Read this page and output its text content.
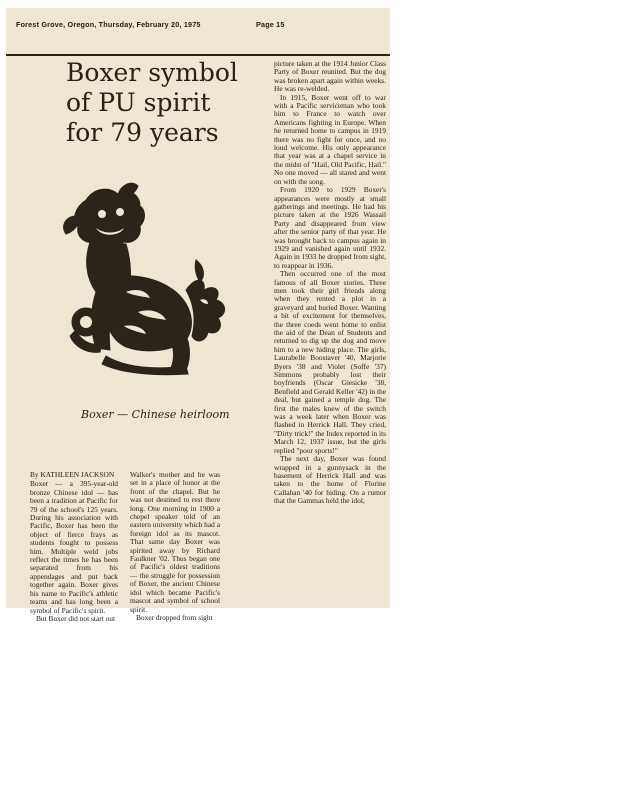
Forest Grove, Oregon, Thursday, February 20, 1975	Page 15
Boxer symbol
of PU spirit
for 79 years
Boxer — Chinese heirloom

By KATHLEEN JACKSON

Boxer — a 395-year-old bronze Chinese idol — has been a tradition at Pacific for 79 of the school's 125 years. During his association with Pacific, Boxer has been the object of fierce frays as students fought to possess him. Multiple weld jobs reflect the times he has been separated from his appendages and put back together again. Boxer gives his name to Pacific's athletic teams and has long been a symbol of Pacific's spirit.

But Boxer did not start out

Walker's mother and he was set in a place of honor at the front of the chapel. But he was not destined to rest there long. One morning in 1900 a chepel speaker told of an eastern university which had a foreign idol as its mascot. That same day Boxer was spirited away by Richard Faulkner '02. Thus began one of Pacific's oldest traditions — the struggle for possession of Boxer, the ancient Chinese idol which became Pacific's mascot and symbol of school spirit.

Boxer dropped from sight

picture taken at the 1914 Junior Class Party of Boxer reunited. But the dog was broken apart again within weeks. He was re-welded.

In 1915, Boxer went off to war with a Pacific serviceman who took him to France to watch over Americans fighting in Europe. When he returned home to campus in 1919 there was no fight for once, and no loud welcome. His only appearance that year was at a chapel service in the midst of "Hail, Old Pacific, Hail." No one moved — all stared and went on with the song.

From 1920 to 1929 Boxer's appearances were mostly at small gatherings and meetings. He had his picture taken at the 1926 Wassail Party and disappeared from view after the senior party of that year. He was brought back to campus again in 1929 and vanished again until 1932. Again in 1933 he dropped from sight, to reappear in 1936.

Then occurred one of the most famous of all Boxer stories. Three men took their girl friends along when they rented a plot in a graveyard and buried Boxer. Wanting a bit of excitement for themselves, the three coeds went home to enlist the aid of the Dean of Students and returned to dig up the dog and move him to a new hiding place. The girls, Laurabelle Boostaver '40, Marjorie Byers '38 and Violet (Soffe '37) Simmons probably lost their boyfriends (Oscar Giesicke '38, Benfield and Gerald Keller '42) in the deal, but gained a temple dog. The first the males knew of the switch was a week later when Boxer was flashed in Herrick Hall. They cried, "Dirty trick!" the Index reported in its March 12, 1937 issue, but the girls replied "poor sports!"

The next day, Boxer was found wrapped in a gunnysack in the basement of Herrick Hall and was taken to the home of Florine Callahan '40 for hiding. On a rumor that the Gammas held the idol,
